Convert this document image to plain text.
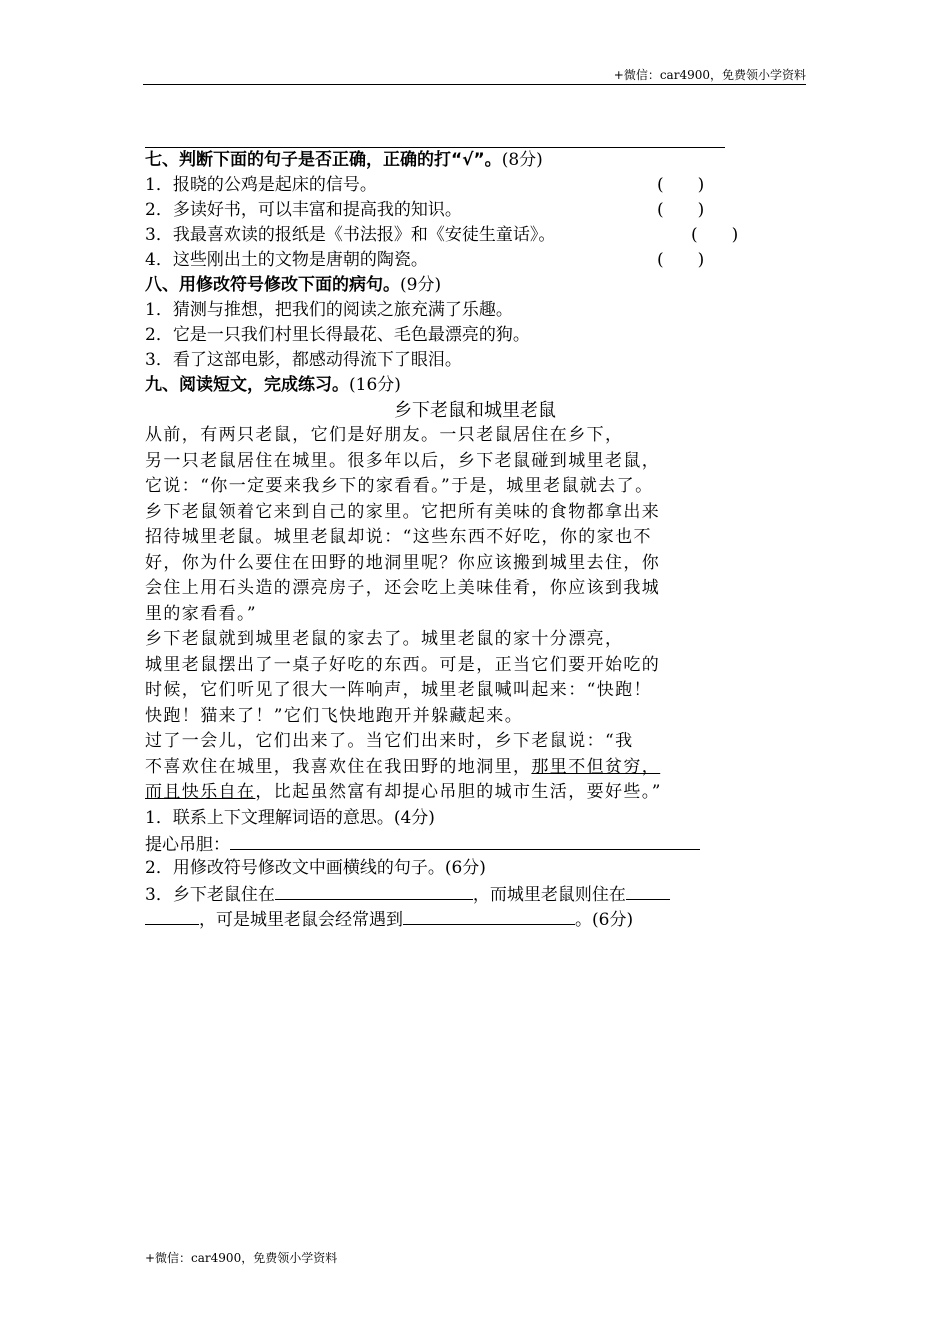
+微信：car4900，免费领小学资料
七、判断下面的句子是否正确，正确的打“√”。(8分)
1．报晓的公鸡是起床的信号。	(　　)
2．多读好书，可以丰富和提高我的知识。	(　　)
3．我最喜欢读的报纸是《书法报》和《安徒生童话》。	(　　)
4．这些刚出土的文物是唐朝的陶瓷。	(　　)
八、用修改符号修改下面的病句。(9分)
1．猜测与推想，把我们的阅读之旅充满了乐趣。
2．它是一只我们村里长得最花、毛色最漂亮的狗。
3．看了这部电影，都感动得流下了眼泪。
九、阅读短文，完成练习。(16分)
乡下老鼠和城里老鼠
从前，有两只老鼠，它们是好朋友。一只老鼠居住在乡下，
另一只老鼠居住在城里。很多年以后，乡下老鼠碰到城里老鼠，
它说：“你一定要来我乡下的家看看。”于是，城里老鼠就去了。
乡下老鼠领着它来到自己的家里。它把所有美味的食物都拿出来
招待城里老鼠。城里老鼠却说：“这些东西不好吃，你的家也不
好，你为什么要住在田野的地洞里呢？你应该搬到城里去住，你
会住上用石头造的漂亮房子，还会吃上美味佳肴，你应该到我城
里的家看看。”
乡下老鼠就到城里老鼠的家去了。城里老鼠的家十分漂亮，
城里老鼠摆出了一桌子好吃的东西。可是，正当它们要开始吃的
时候，它们听见了很大一阵响声，城里老鼠喊叫起来：“快跑！
快跑！猫来了！”它们飞快地跑开并躲藏起来。
过了一会儿，它们出来了。当它们出来时，乡下老鼠说：“我
不喜欢住在城里，我喜欢住在我田野的地洞里，那里不但贫穷，
而且快乐自在，比起虽然富有却提心吊胆的城市生活，要好些。”
1．联系上下文理解词语的意思。(4分)
提心吊胆：
2．用修改符号修改文中画横线的句子。(6分)
3．乡下老鼠住在	，而城里老鼠则住在
，可是城里老鼠会经常遇到	。(6分)
+微信：car4900，免费领小学资料
